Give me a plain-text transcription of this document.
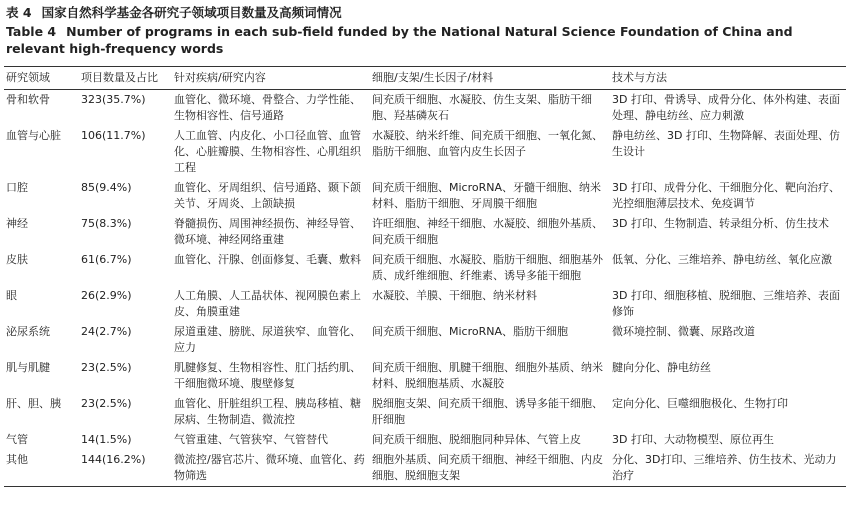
表 4 国家自然科学基金各研究子领域项目数量及高频词情况
Table 4 Number of programs in each sub-field funded by the National Natural Science Foundation of China and relevant high-frequency words
研究领域	项目数量及占比	针对疾病/研究内容	细胞/支架/生长因子/材料	技术与方法
骨和软骨	323(35.7%)	血管化、微环境、骨整合、力学性能、生物相容性、信号通路	间充质干细胞、水凝胶、仿生支架、脂肪干细胞、羟基磷灰石	3D 打印、骨诱导、成骨分化、体外构建、表面处理、静电纺丝、应力刺激
血管与心脏	106(11.7%)	人工血管、内皮化、小口径血管、血管化、心脏瓣膜、生物相容性、心肌组织工程	水凝胶、纳米纤维、间充质干细胞、一氧化氮、脂肪干细胞、血管内皮生长因子	静电纺丝、3D 打印、生物降解、表面处理、仿生设计
口腔	85(9.4%)	血管化、牙周组织、信号通路、颞下颌关节、牙周炎、上颌缺损	间充质干细胞、MicroRNA、牙髓干细胞、纳米材料、脂肪干细胞、牙周膜干细胞	3D 打印、成骨分化、干细胞分化、靶向治疗、光控细胞薄层技术、免疫调节
神经	75(8.3%)	脊髓损伤、周围神经损伤、神经导管、微环境、神经网络重建	许旺细胞、神经干细胞、水凝胶、细胞外基质、间充质干细胞	3D 打印、生物制造、转录组分析、仿生技术
皮肤	61(6.7%)	血管化、汗腺、创面修复、毛囊、敷料	间充质干细胞、水凝胶、脂肪干细胞、细胞基外质、成纤维细胞、纤维素、诱导多能干细胞	低氧、分化、三维培养、静电纺丝、氧化应激
眼	26(2.9%)	人工角膜、人工晶状体、视网膜色素上皮、角膜重建	水凝胶、羊膜、干细胞、纳米材料	3D 打印、细胞移植、脱细胞、三维培养、表面修饰
泌尿系统	24(2.7%)	尿道重建、膀胱、尿道狭窄、血管化、应力	间充质干细胞、MicroRNA、脂肪干细胞	微环境控制、微囊、尿路改道
肌与肌腱	23(2.5%)	肌腱修复、生物相容性、肛门括约肌、干细胞微环境、腹壁修复	间充质干细胞、肌腱干细胞、细胞外基质、纳米材料、脱细胞基质、水凝胶	腱向分化、静电纺丝
肝、胆、胰	23(2.5%)	血管化、肝脏组织工程、胰岛移植、糖尿病、生物制造、微流控	脱细胞支架、间充质干细胞、诱导多能干细胞、肝细胞	定向分化、巨噬细胞极化、生物打印
气管	14(1.5%)	气管重建、气管狭窄、气管替代	间充质干细胞、脱细胞同种异体、气管上皮	3D 打印、大动物模型、原位再生
其他	144(16.2%)	微流控/器官芯片、微环境、血管化、药物筛选	细胞外基质、间充质干细胞、神经干细胞、内皮细胞、脱细胞支架	分化、3D打印、三维培养、仿生技术、光动力治疗
